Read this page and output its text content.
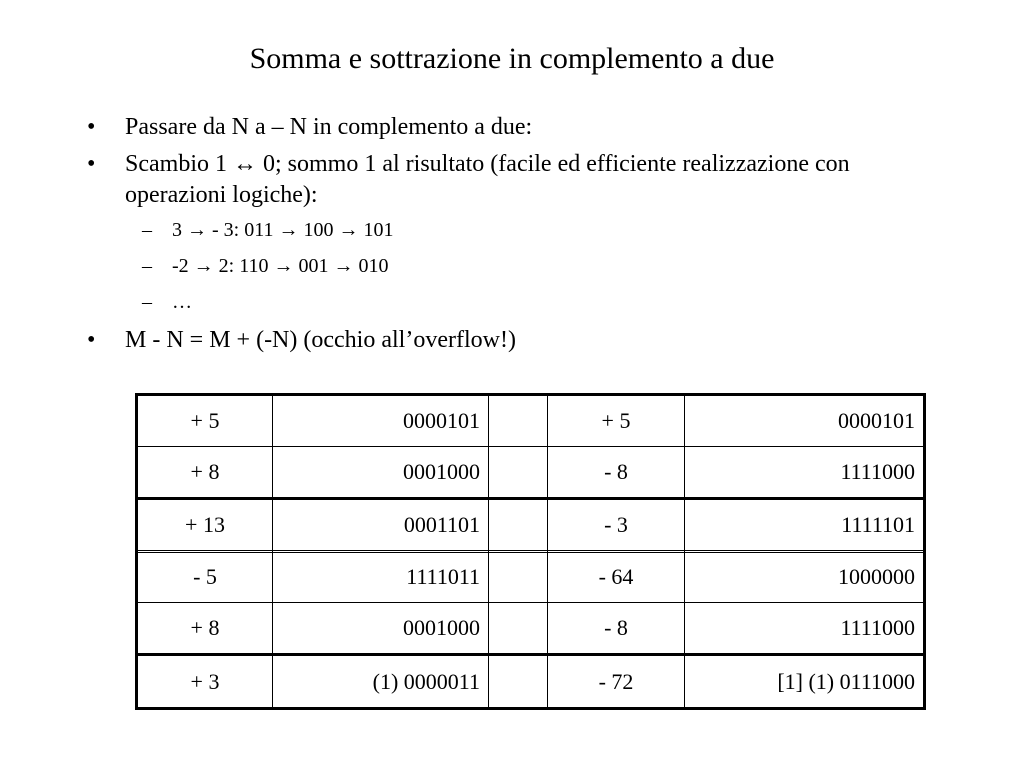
Somma e sottrazione in complemento a due
• Passare da N a – N in complemento a due:
• Scambio 1 ↔ 0; sommo 1 al risultato (facile ed efficiente realizzazione con operazioni logiche):
– 3 → - 3: 011 → 100 → 101
– -2 → 2: 110 → 001 → 010
– …
• M - N = M + (-N) (occhio all’overflow!)
+ 5	0000101		+ 5	0000101
+ 8	0001000		- 8	1111000
+ 13	0001101		- 3	1111101

- 5	1111011		- 64	1000000
+ 8	0001000		- 8	1111000
+ 3	(1) 0000011		- 72	[1] (1) 0111000
